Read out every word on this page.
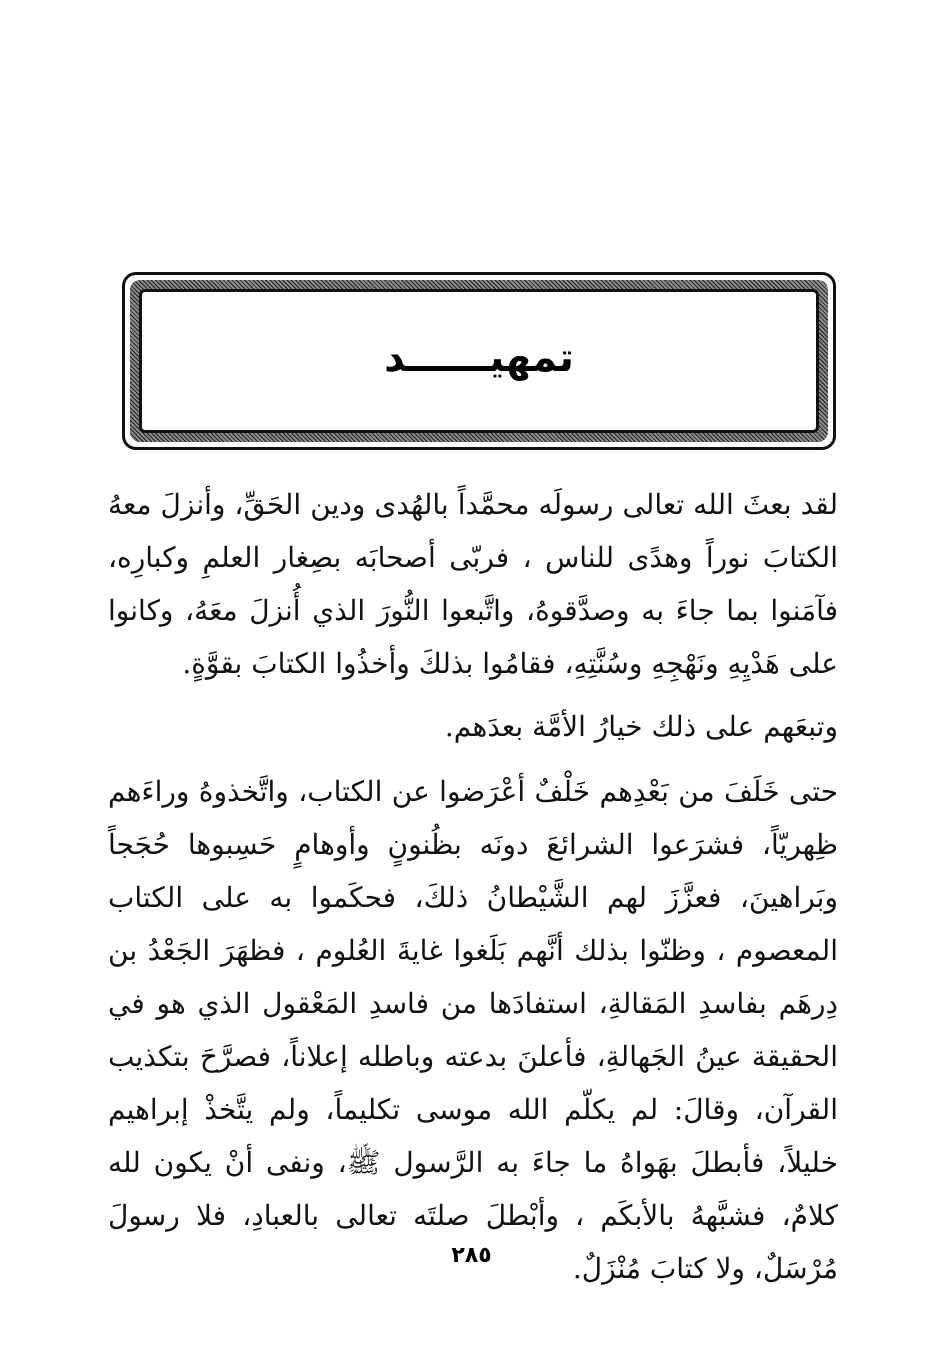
تمهيــــــد

لقد بعثَ الله تعالى رسولَه محمَّداً بالهُدى ودين الحَقِّ، وأنزلَ معهُ الكتابَ نوراً وهدًى للناس ، فربّى أصحابَه بصِغار العلمِ وكبارِه، فآمَنوا بما جاءَ به وصدَّقوهُ، واتَّبعوا النُّورَ الذي أُنزلَ معَهُ، وكانوا على هَدْيِهِ ونَهْجِهِ وسُنَّتِهِ، فقامُوا بذلكَ وأخذُوا الكتابَ بقوَّةٍ.

وتبعَهم على ذلك خيارُ الأمَّة بعدَهم.

حتى خَلَفَ من بَعْدِهم خَلْفٌ أعْرَضوا عن الكتاب، واتَّخذوهُ وراءَهم ظِهريّاً، فشرَعوا الشرائعَ دونَه بظُنونٍ وأوهامٍ حَسِبوها حُجَجاً وبَراهينَ، فعزَّزَ لهم الشَّيْطانُ ذلكَ، فحكَموا به على الكتاب المعصوم ، وظنّوا بذلك أنَّهم بَلَغوا غايةَ العُلوم ، فظهَرَ الجَعْدُ بن دِرهَم بفاسدِ المَقالةِ، استفادَها من فاسدِ المَعْقول الذي هو في الحقيقة عينُ الجَهالةِ، فأعلنَ بدعته وباطله إعلاناً، فصرَّحَ بتكذيب القرآن، وقالَ: لم يكلّم الله موسى تكليماً، ولم يتَّخذْ إبراهيم خليلاً، فأبطلَ بهَواهُ ما جاءَ به الرَّسول ﷺ، ونفى أنْ يكون لله كلامٌ، فشبَّههُ بالأبكَم ، وأبْطلَ صلتَه تعالى بالعبادِ، فلا رسولَ مُرْسَلٌ، ولا كتابَ مُنْزَلٌ.

٢٨٥
